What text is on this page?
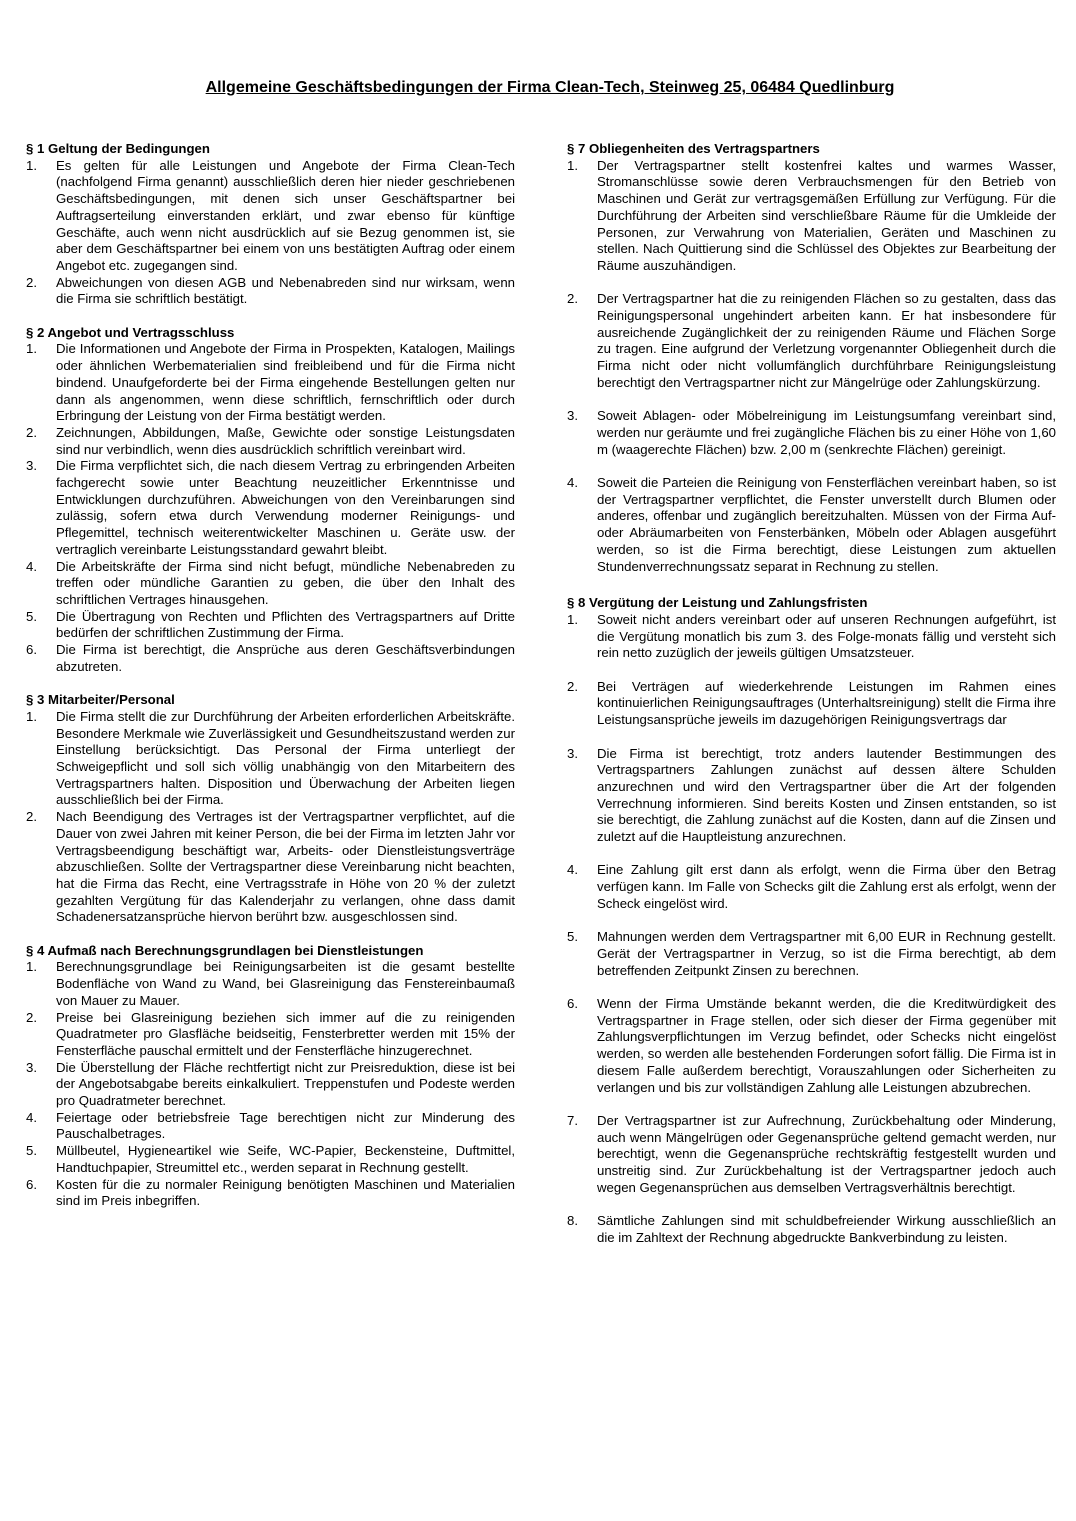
Allgemeine Geschäftsbedingungen der Firma Clean-Tech, Steinweg 25, 06484 Quedlinburg

§ 1 Geltung der Bedingungen

1.	Es gelten für alle Leistungen und Angebote der Firma Clean-Tech (nachfolgend Firma genannt) ausschließlich deren hier nieder geschriebenen Geschäftsbedingungen, mit denen sich unser Geschäftspartner bei Auftragserteilung einverstanden erklärt, und zwar ebenso für künftige Geschäfte, auch wenn nicht ausdrücklich auf sie Bezug genommen ist, sie aber dem Geschäftspartner bei einem von uns bestätigten Auftrag oder einem Angebot etc. zugegangen sind.
2.	Abweichungen von diesen AGB und Nebenabreden sind nur wirksam, wenn die Firma sie schriftlich bestätigt.

§ 2 Angebot und Vertragsschluss

1.	Die Informationen und Angebote der Firma in Prospekten, Katalogen, Mailings oder ähnlichen Werbematerialien sind freibleibend und für die Firma nicht bindend. Unaufgeforderte bei der Firma eingehende Bestellungen gelten nur dann als angenommen, wenn diese schriftlich, fernschriftlich oder durch Erbringung der Leistung von der Firma bestätigt werden.
2.	Zeichnungen, Abbildungen, Maße, Gewichte oder sonstige Leistungsdaten sind nur verbindlich, wenn dies ausdrücklich schriftlich vereinbart wird.
3.	Die Firma verpflichtet sich, die nach diesem Vertrag zu erbringenden Arbeiten fachgerecht sowie unter Beachtung neuzeitlicher Erkenntnisse und Entwicklungen durchzuführen. Abweichungen von den Vereinbarungen sind zulässig, sofern etwa durch Verwendung moderner Reinigungs- und Pflegemittel, technisch weiterentwickelter Maschinen u. Geräte usw. der vertraglich vereinbarte Leistungsstandard gewahrt bleibt.
4.	Die Arbeitskräfte der Firma sind nicht befugt, mündliche Nebenabreden zu treffen oder mündliche Garantien zu geben, die über den Inhalt des schriftlichen Vertrages hinausgehen.
5.	Die Übertragung von Rechten und Pflichten des Vertragspartners auf Dritte bedürfen der schriftlichen Zustimmung der Firma.
6.	Die Firma ist berechtigt, die Ansprüche aus deren Geschäftsverbindungen abzutreten.

§ 3 Mitarbeiter/Personal

1.	Die Firma stellt die zur Durchführung der Arbeiten erforderlichen Arbeitskräfte. Besondere Merkmale wie Zuverlässigkeit und Gesundheitszustand werden zur Einstellung berücksichtigt. Das Personal der Firma unterliegt der Schweigepflicht und soll sich völlig unabhängig von den Mitarbeitern des Vertragspartners halten. Disposition und Überwachung der Arbeiten liegen ausschließlich bei der Firma.
2.	Nach Beendigung des Vertrages ist der Vertragspartner verpflichtet, auf die Dauer von zwei Jahren mit keiner Person, die bei der Firma im letzten Jahr vor Vertragsbeendigung beschäftigt war, Arbeits- oder Dienstleistungsverträge abzuschließen. Sollte der Vertragspartner diese Vereinbarung nicht beachten, hat die Firma das Recht, eine Vertragsstrafe in Höhe von 20 % der zuletzt gezahlten Vergütung für das Kalenderjahr zu verlangen, ohne dass damit Schadenersatzansprüche hiervon berührt bzw. ausgeschlossen sind.

§ 4 Aufmaß nach Berechnungsgrundlagen bei Dienstleistungen

1.	Berechnungsgrundlage bei Reinigungsarbeiten ist die gesamt bestellte Bodenfläche von Wand zu Wand, bei Glasreinigung das Fenstereinbaumaß von Mauer zu Mauer.
2.	Preise bei Glasreinigung beziehen sich immer auf die zu reinigenden Quadratmeter pro Glasfläche beidseitig, Fensterbretter werden mit 15% der Fensterfläche pauschal ermittelt und der Fensterfläche hinzugerechnet.
3.	Die Überstellung der Fläche rechtfertigt nicht zur Preisreduktion, diese ist bei der Angebotsabgabe bereits einkalkuliert. Treppenstufen und Podeste werden pro Quadratmeter berechnet.
4.	Feiertage oder betriebsfreie Tage berechtigen nicht zur Minderung des Pauschalbetrages.
5.	Müllbeutel, Hygieneartikel wie Seife, WC-Papier, Beckensteine, Duftmittel, Handtuchpapier, Streumittel etc., werden separat in Rechnung gestellt.
6.	Kosten für die zu normaler Reinigung benötigten Maschinen und Materialien sind im Preis inbegriffen.

§ 7 Obliegenheiten des Vertragspartners

1.	Der Vertragspartner stellt kostenfrei kaltes und warmes Wasser, Stromanschlüsse sowie deren Verbrauchsmengen für den Betrieb von Maschinen und Gerät zur vertragsgemäßen Erfüllung zur Verfügung. Für die Durchführung der Arbeiten sind verschließbare Räume für die Umkleide der Personen, zur Verwahrung von Materialien, Geräten und Maschinen zu stellen. Nach Quittierung sind die Schlüssel des Objektes zur Bearbeitung der Räume auszuhändigen.
2.	Der Vertragspartner hat die zu reinigenden Flächen so zu gestalten, dass das Reinigungspersonal ungehindert arbeiten kann. Er hat insbesondere für ausreichende Zugänglichkeit der zu reinigenden Räume und Flächen Sorge zu tragen. Eine aufgrund der Verletzung vorgenannter Obliegenheit durch die Firma nicht oder nicht vollumfänglich durchführbare Reinigungsleistung berechtigt den Vertragspartner nicht zur Mängelrüge oder Zahlungskürzung.
3.	Soweit Ablagen- oder Möbelreinigung im Leistungsumfang vereinbart sind, werden nur geräumte und frei zugängliche Flächen bis zu einer Höhe von 1,60 m (waagerechte Flächen) bzw. 2,00 m (senkrechte Flächen) gereinigt.
4.	Soweit die Parteien die Reinigung von Fensterflächen vereinbart haben, so ist der Vertragspartner verpflichtet, die Fenster unverstellt durch Blumen oder anderes, offenbar und zugänglich bereitzuhalten. Müssen von der Firma Auf- oder Abräumarbeiten von Fensterbänken, Möbeln oder Ablagen ausgeführt werden, so ist die Firma berechtigt, diese Leistungen zum aktuellen Stundenverrechnungssatz separat in Rechnung zu stellen.

§ 8 Vergütung der Leistung und Zahlungsfristen

1.	Soweit nicht anders vereinbart oder auf unseren Rechnungen aufgeführt, ist die Vergütung monatlich bis zum 3. des Folge-monats fällig und versteht sich rein netto zuzüglich der jeweils gültigen Umsatzsteuer.
2.	Bei Verträgen auf wiederkehrende Leistungen im Rahmen eines kontinuierlichen Reinigungsauftrages (Unterhaltsreinigung) stellt die Firma ihre Leistungsansprüche jeweils im dazugehörigen Reinigungsvertrags dar
3.	Die Firma ist berechtigt, trotz anders lautender Bestimmungen des Vertragspartners Zahlungen zunächst auf dessen ältere Schulden anzurechnen und wird den Vertragspartner über die Art der folgenden Verrechnung informieren. Sind bereits Kosten und Zinsen entstanden, so ist sie berechtigt, die Zahlung zunächst auf die Kosten, dann auf die Zinsen und zuletzt auf die Hauptleistung anzurechnen.
4.	Eine Zahlung gilt erst dann als erfolgt, wenn die Firma über den Betrag verfügen kann. Im Falle von Schecks gilt die Zahlung erst als erfolgt, wenn der Scheck eingelöst wird.
5.	Mahnungen werden dem Vertragspartner mit 6,00 EUR in Rechnung gestellt. Gerät der Vertragspartner in Verzug, so ist die Firma berechtigt, ab dem betreffenden Zeitpunkt Zinsen zu berechnen.
6.	Wenn der Firma Umstände bekannt werden, die die Kreditwürdigkeit des Vertragspartner in Frage stellen, oder sich dieser der Firma gegenüber mit Zahlungsverpflichtungen im Verzug befindet, oder Schecks nicht eingelöst werden, so werden alle bestehenden Forderungen sofort fällig. Die Firma ist in diesem Falle außerdem berechtigt, Vorauszahlungen oder Sicherheiten zu verlangen und bis zur vollständigen Zahlung alle Leistungen abzubrechen.
7.	Der Vertragspartner ist zur Aufrechnung, Zurückbehaltung oder Minderung, auch wenn Mängelrügen oder Gegenansprüche geltend gemacht werden, nur berechtigt, wenn die Gegenansprüche rechtskräftig festgestellt wurden und unstreitig sind. Zur Zurückbehaltung ist der Vertragspartner jedoch auch wegen Gegenansprüchen aus demselben Vertragsverhältnis berechtigt.
8.	Sämtliche Zahlungen sind mit schuldbefreiender Wirkung ausschließlich an die im Zahltext der Rechnung abgedruckte Bankverbindung zu leisten.
